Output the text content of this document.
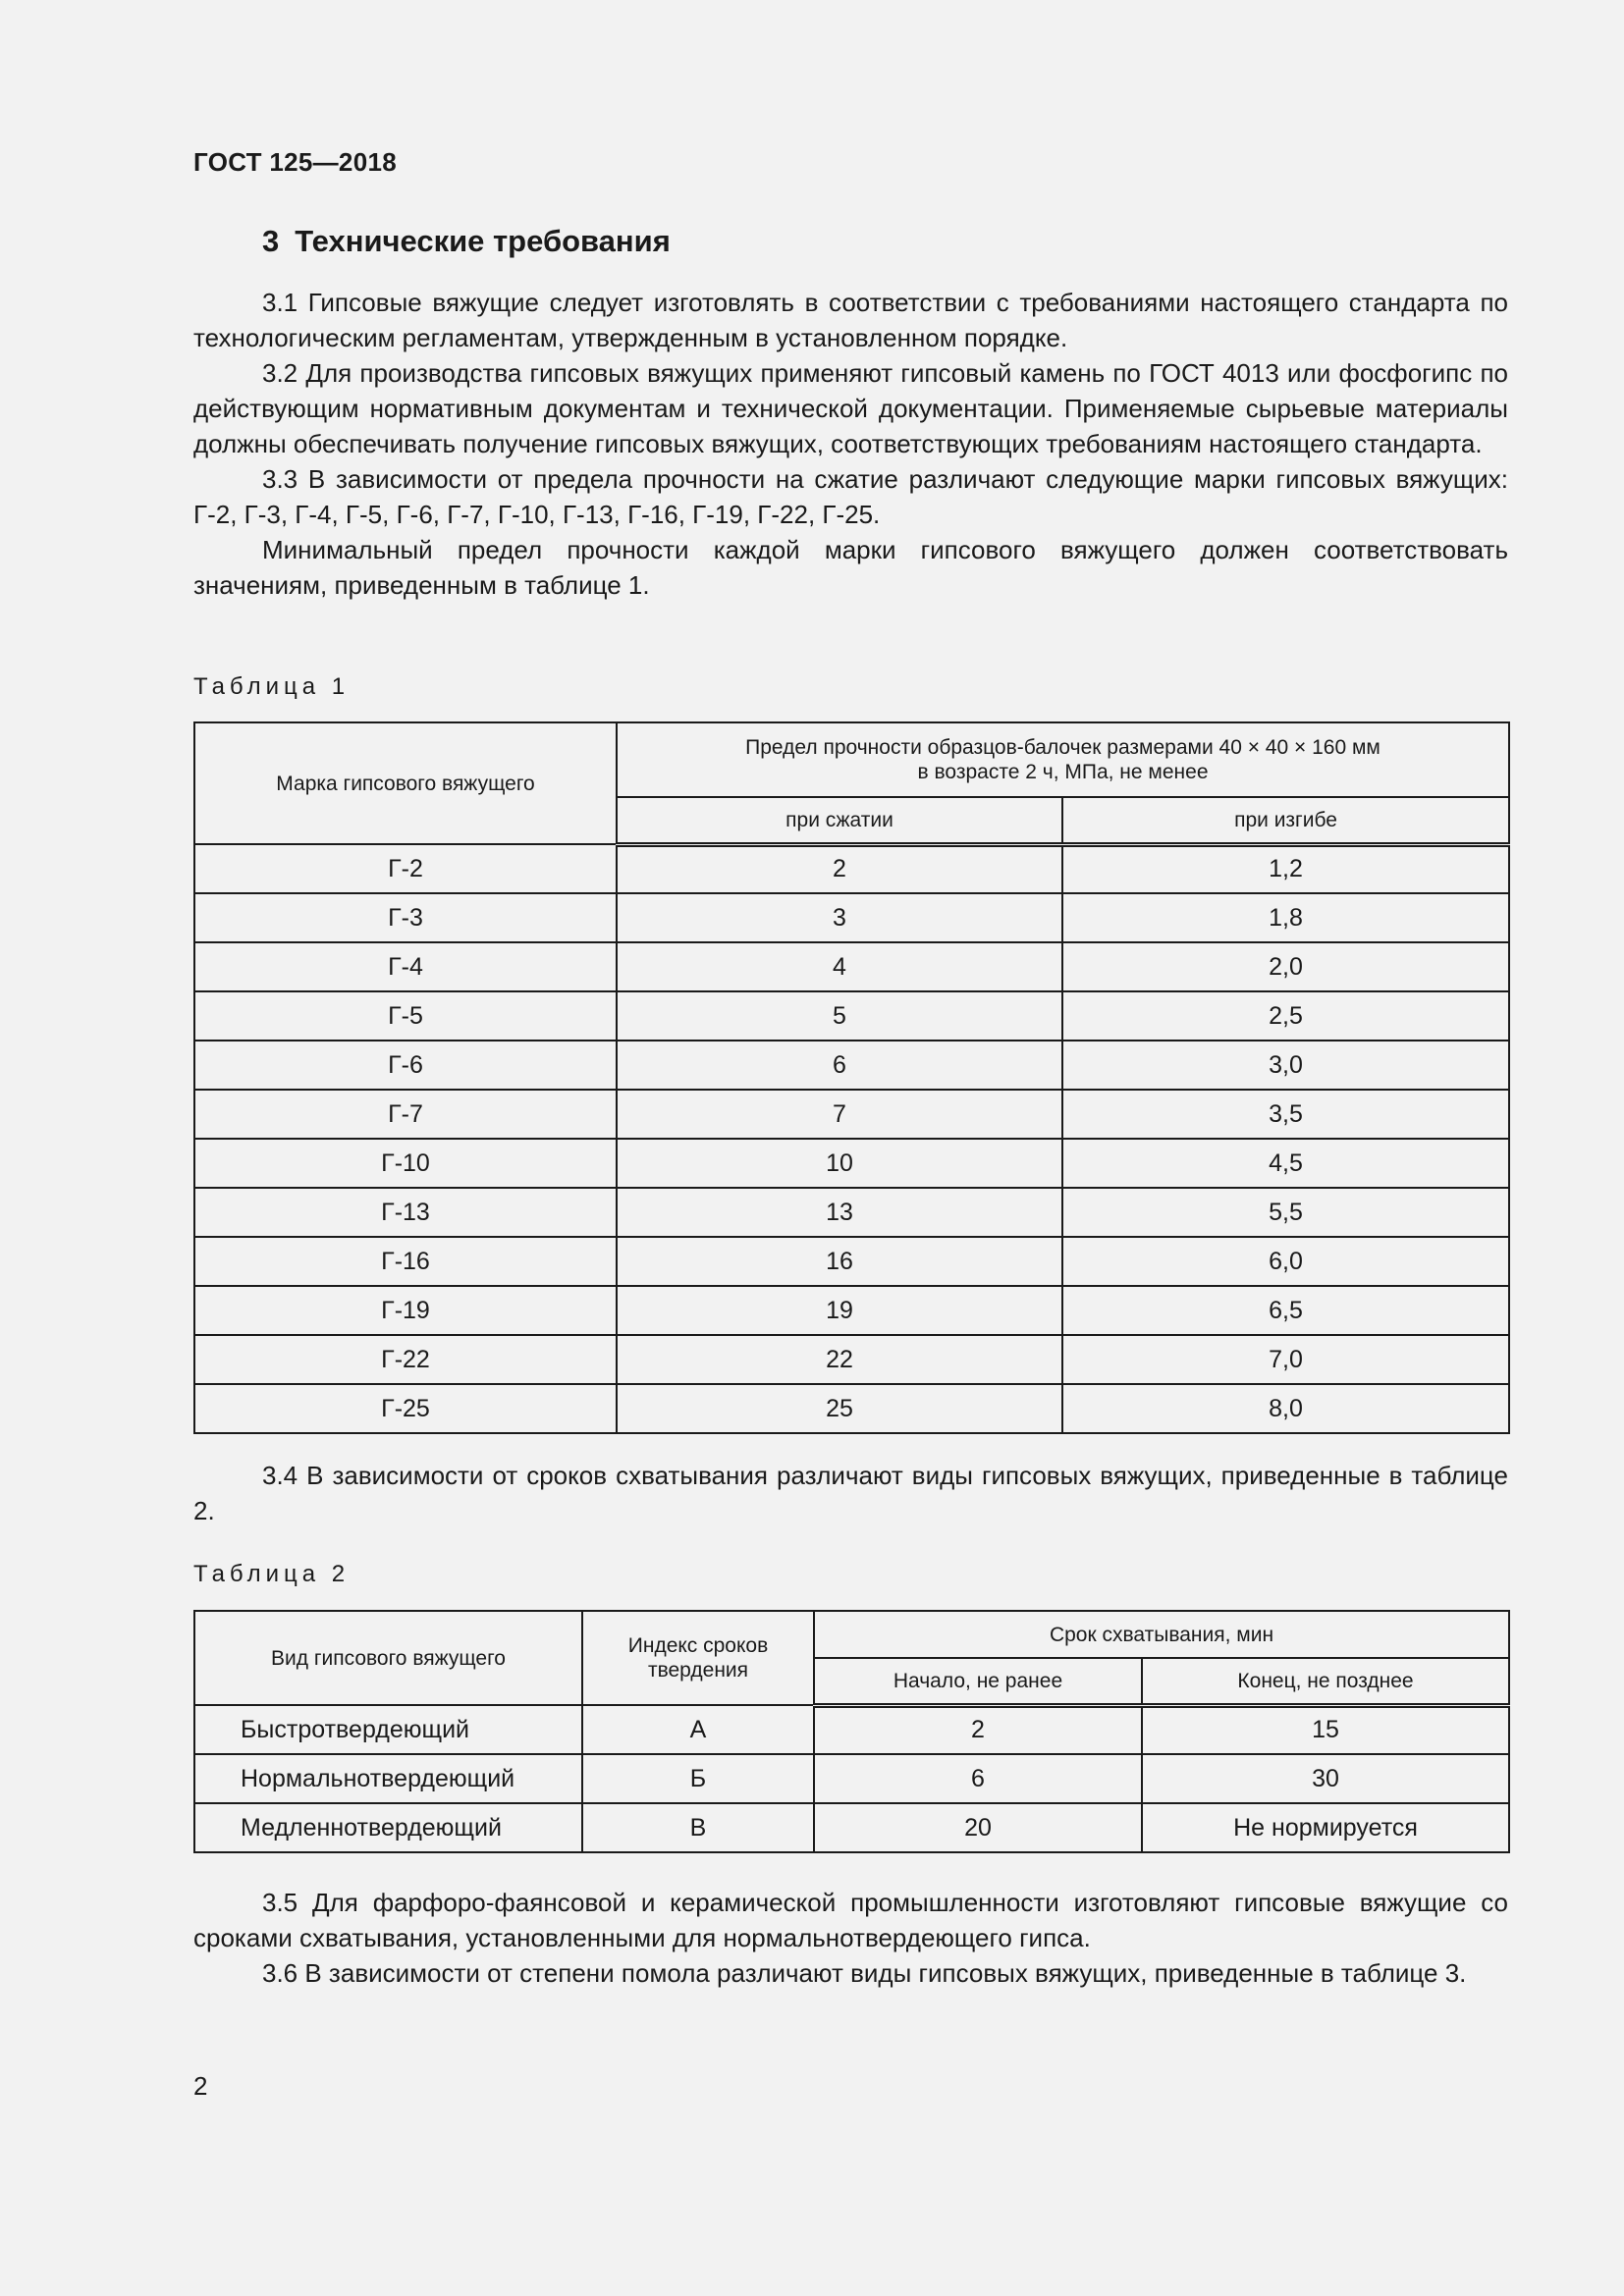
ГОСТ 125—2018
3 Технические требования

3.1 Гипсовые вяжущие следует изготовлять в соответствии с требованиями настоящего стандарта по технологическим регламентам, утвержденным в установленном порядке.

3.2 Для производства гипсовых вяжущих применяют гипсовый камень по ГОСТ 4013 или фосфогипс по действующим нормативным документам и технической документации. Применяемые сырьевые материалы должны обеспечивать получение гипсовых вяжущих, соответствующих требованиям настоящего стандарта.

3.3 В зависимости от предела прочности на сжатие различают следующие марки гипсовых вяжущих: Г-2, Г-3, Г-4, Г-5, Г-6, Г-7, Г-10, Г-13, Г-16, Г-19, Г-22, Г-25.

Минимальный предел прочности каждой марки гипсового вяжущего должен соответствовать значениям, приведенным в таблице 1.

Таблица 1
Марка гипсового вяжущего	Предел прочности образцов-балочек размерами 40 × 40 × 160 мм
в возрасте 2 ч, МПа, не менее	

	при сжатии	при изгибе
Г-2	2	1,2
Г-3	3	1,8
Г-4	4	2,0
Г-5	5	2,5
Г-6	6	3,0
Г-7	7	3,5
Г-10	10	4,5
Г-13	13	5,5
Г-16	16	6,0
Г-19	19	6,5
Г-22	22	7,0
Г-25	25	8,0

3.4 В зависимости от сроков схватывания различают виды гипсовых вяжущих, приведенные в таблице 2.

Таблица 2
Вид гипсового вяжущего	Индекс сроков
твердения	Срок схватывания, мин	
		Начало, не ранее	Конец, не позднее
Быстротвердеющий	А	2	15
Нормальнотвердеющий	Б	6	30
Медленнотвердеющий	В	20	Не нормируется

3.5 Для фарфоро-фаянсовой и керамической промышленности изготовляют гипсовые вяжущие со сроками схватывания, установленными для нормальнотвердеющего гипса.

3.6 В зависимости от степени помола различают виды гипсовых вяжущих, приведенные в таблице 3.

2
